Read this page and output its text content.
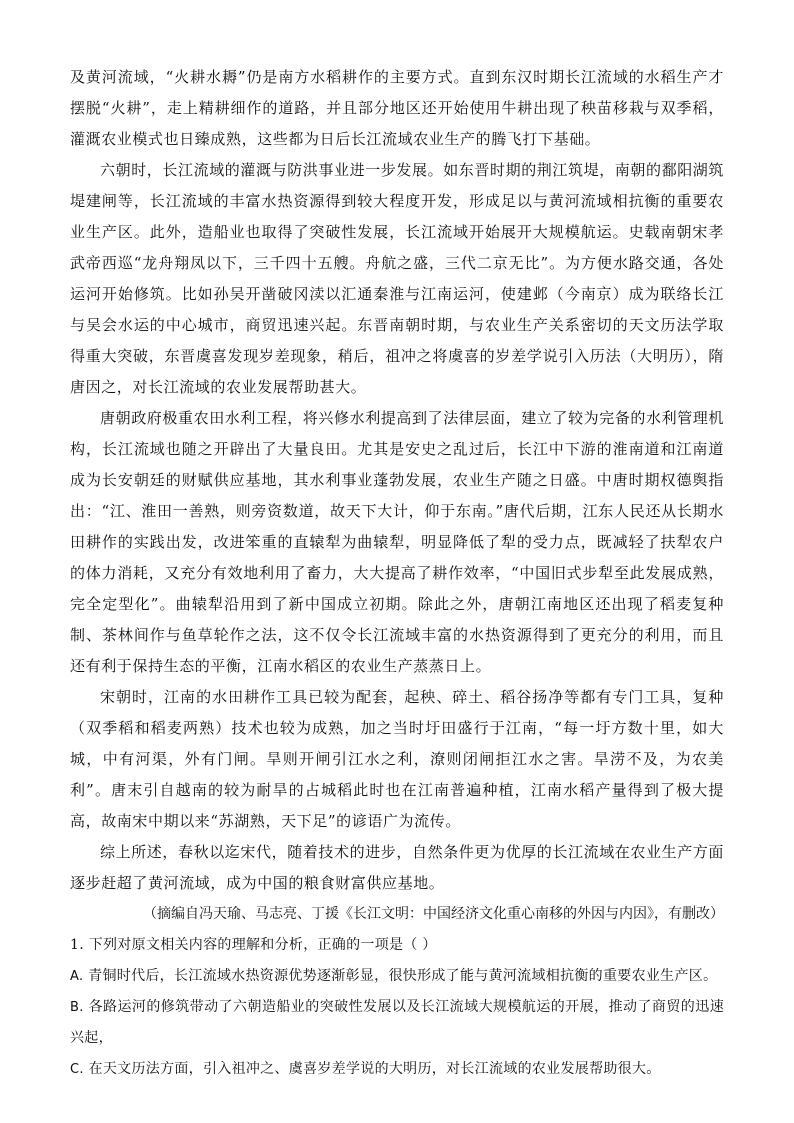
及黄河流域，“火耕水耨”仍是南方水稻耕作的主要方式。直到东汉时期长江流域的水稻生产才摆脱“火耕”，走上精耕细作的道路，并且部分地区还开始使用牛耕出现了秧苗移栽与双季稻，灌溉农业模式也日臻成熟，这些都为日后长江流域农业生产的腾飞打下基础。

六朝时，长江流域的灌溉与防洪事业进一步发展。如东晋时期的荆江筑堤，南朝的鄱阳湖筑堤建闸等，长江流域的丰富水热资源得到较大程度开发，形成足以与黄河流域相抗衡的重要农业生产区。此外，造船业也取得了突破性发展，长江流域开始展开大规模航运。史载南朝宋孝武帝西巡“龙舟翔凤以下，三千四十五艘。舟航之盛，三代二京无比”。为方便水路交通，各处运河开始修筑。比如孙吴开凿破冈渎以汇通秦淮与江南运河，使建邺（今南京）成为联络长江与吴会水运的中心城市，商贸迅速兴起。东晋南朝时期，与农业生产关系密切的天文历法学取得重大突破，东晋虞喜发现岁差现象，稍后，祖冲之将虞喜的岁差学说引入历法（大明历），隋唐因之，对长江流域的农业发展帮助甚大。

唐朝政府极重农田水利工程，将兴修水利提高到了法律层面，建立了较为完备的水利管理机构，长江流域也随之开辟出了大量良田。尤其是安史之乱过后，长江中下游的淮南道和江南道成为长安朝廷的财赋供应基地，其水利事业蓬勃发展，农业生产随之日盛。中唐时期权德舆指出：“江、淮田一善熟，则旁资数道，故天下大计，仰于东南。”唐代后期，江东人民还从长期水田耕作的实践出发，改进笨重的直辕犁为曲辕犁，明显降低了犁的受力点，既减轻了扶犁农户的体力消耗，又充分有效地利用了畜力，大大提高了耕作效率，“中国旧式步犁至此发展成熟，完全定型化”。曲辕犁沿用到了新中国成立初期。除此之外，唐朝江南地区还出现了稻麦复种制、茶林间作与鱼草轮作之法，这不仅令长江流域丰富的水热资源得到了更充分的利用，而且还有利于保持生态的平衡，江南水稻区的农业生产蒸蒸日上。

宋朝时，江南的水田耕作工具已较为配套，起秧、碎土、稻谷扬净等都有专门工具，复种（双季稻和稻麦两熟）技术也较为成熟，加之当时圩田盛行于江南，“每一圩方数十里，如大城，中有河渠，外有门闸。旱则开闸引江水之利，潦则闭闸拒江水之害。旱涝不及，为农美利”。唐末引自越南的较为耐旱的占城稻此时也在江南普遍种植，江南水稻产量得到了极大提高，故南宋中期以来“苏湖熟，天下足”的谚语广为流传。

综上所述，春秋以迄宋代，随着技术的进步，自然条件更为优厚的长江流域在农业生产方面逐步赶超了黄河流域，成为中国的粮食财富供应基地。

（摘编自冯天瑜、马志亮、丁援《长江文明：中国经济文化重心南移的外因与内因》，有删改）

1. 下列对原文相关内容的理解和分析，正确的一项是（ ）

A. 青铜时代后，长江流域水热资源优势逐渐彰显，很快形成了能与黄河流域相抗衡的重要农业生产区。

B. 各路运河的修筑带动了六朝造船业的突破性发展以及长江流域大规模航运的开展，推动了商贸的迅速兴起，

C. 在天文历法方面，引入祖冲之、虞喜岁差学说的大明历，对长江流域的农业发展帮助很大。
